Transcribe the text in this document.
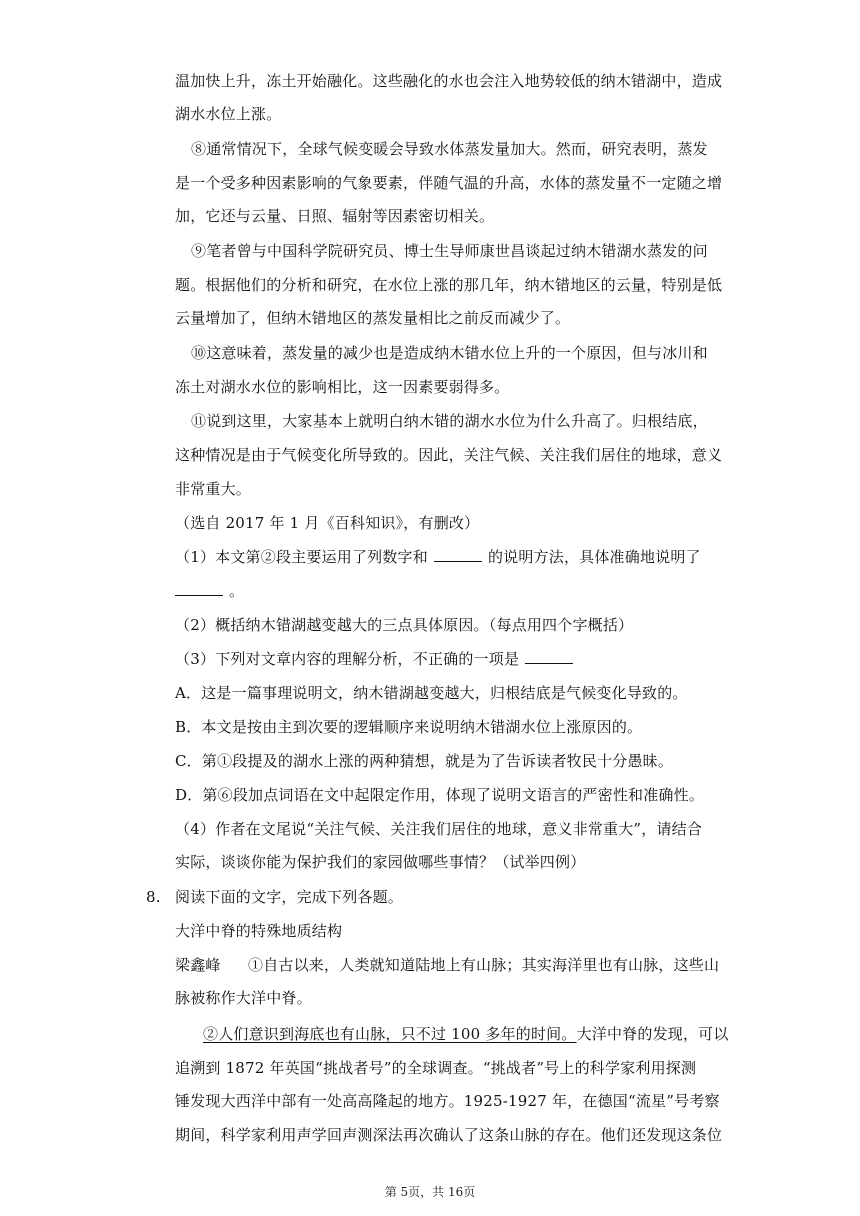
温加快上升，冻土开始融化。这些融化的水也会注入地势较低的纳木错湖中，造成
湖水水位上涨。
⑧通常情况下，全球气候变暖会导致水体蒸发量加大。然而，研究表明，蒸发
是一个受多种因素影响的气象要素，伴随气温的升高，水体的蒸发量不一定随之增
加，它还与云量、日照、辐射等因素密切相关。
⑨笔者曾与中国科学院研究员、博士生导师康世昌谈起过纳木错湖水蒸发的问
题。根据他们的分析和研究，在水位上涨的那几年，纳木错地区的云量，特别是低
云量增加了，但纳木错地区的蒸发量相比之前反而减少了。
⑩这意味着，蒸发量的减少也是造成纳木错水位上升的一个原因，但与冰川和
冻土对湖水水位的影响相比，这一因素要弱得多。
⑪说到这里，大家基本上就明白纳木错的湖水水位为什么升高了。归根结底，
这种情况是由于气候变化所导致的。因此，关注气候、关注我们居住的地球，意义
非常重大。
（选自 2017 年 1 月《百科知识》，有删改）
（1）本文第②段主要运用了列数字和	的说明方法，具体准确地说明了
。
（2）概括纳木错湖越变越大的三点具体原因。（每点用四个字概括）
（3）下列对文章内容的理解分析，不正确的一项是
A．这是一篇事理说明文，纳木错湖越变越大，归根结底是气候变化导致的。
B．本文是按由主到次要的逻辑顺序来说明纳木错湖水位上涨原因的。
C．第①段提及的湖水上涨的两种猜想，就是为了告诉读者牧民十分愚昧。
D．第⑥段加点词语在文中起限定作用，体现了说明文语言的严密性和准确性。
（4）作者在文尾说“关注气候、关注我们居住的地球，意义非常重大”，请结合
实际，谈谈你能为保护我们的家园做哪些事情？（试举四例）
8. 阅读下面的文字，完成下列各题。
大洋中脊的特殊地质结构
梁鑫峰 ①自古以来，人类就知道陆地上有山脉；其实海洋里也有山脉，这些山
脉被称作大洋中脊。
②人们意识到海底也有山脉，只不过 100 多年的时间。大洋中脊的发现，可以
追溯到 1872 年英国“挑战者号”的全球调查。“挑战者”号上的科学家利用探测
锤发现大西洋中部有一处高高隆起的地方。1925-1927 年，在德国“流星”号考察
期间，科学家利用声学回声测深法再次确认了这条山脉的存在。他们还发现这条位
第 5页，共 16页
